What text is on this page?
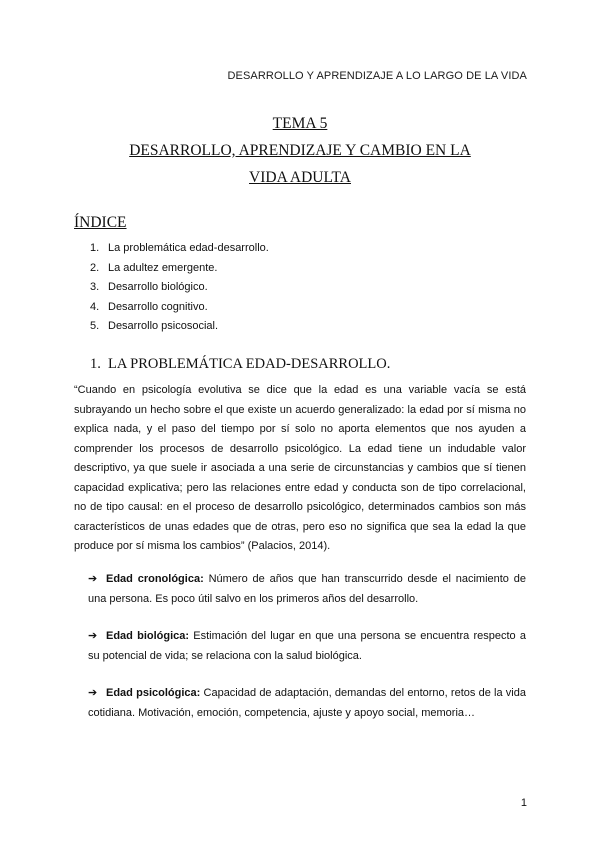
DESARROLLO Y APRENDIZAJE A LO LARGO DE LA VIDA
TEMA 5
DESARROLLO, APRENDIZAJE Y CAMBIO EN LA
VIDA ADULTA
ÍNDICE
1. La problemática edad-desarrollo.
2. La adultez emergente.
3. Desarrollo biológico.
4. Desarrollo cognitivo.
5. Desarrollo psicosocial.
1. LA PROBLEMÁTICA EDAD-DESARROLLO.

“Cuando en psicología evolutiva se dice que la edad es una variable vacía se está subrayando un hecho sobre el que existe un acuerdo generalizado: la edad por sí misma no explica nada, y el paso del tiempo por sí solo no aporta elementos que nos ayuden a comprender los procesos de desarrollo psicológico. La edad tiene un indudable valor descriptivo, ya que suele ir asociada a una serie de circunstancias y cambios que sí tienen capacidad explicativa; pero las relaciones entre edad y conducta son de tipo correlacional, no de tipo causal: en el proceso de desarrollo psicológico, determinados cambios son más característicos de unas edades que de otras, pero eso no significa que sea la edad la que produce por sí misma los cambios” (Palacios, 2014).

➔ Edad cronológica: Número de años que han transcurrido desde el nacimiento de una persona. Es poco útil salvo en los primeros años del desarrollo.
➔ Edad biológica: Estimación del lugar en que una persona se encuentra respecto a su potencial de vida; se relaciona con la salud biológica.
➔ Edad psicológica: Capacidad de adaptación, demandas del entorno, retos de la vida cotidiana. Motivación, emoción, competencia, ajuste y apoyo social, memoria…
1
